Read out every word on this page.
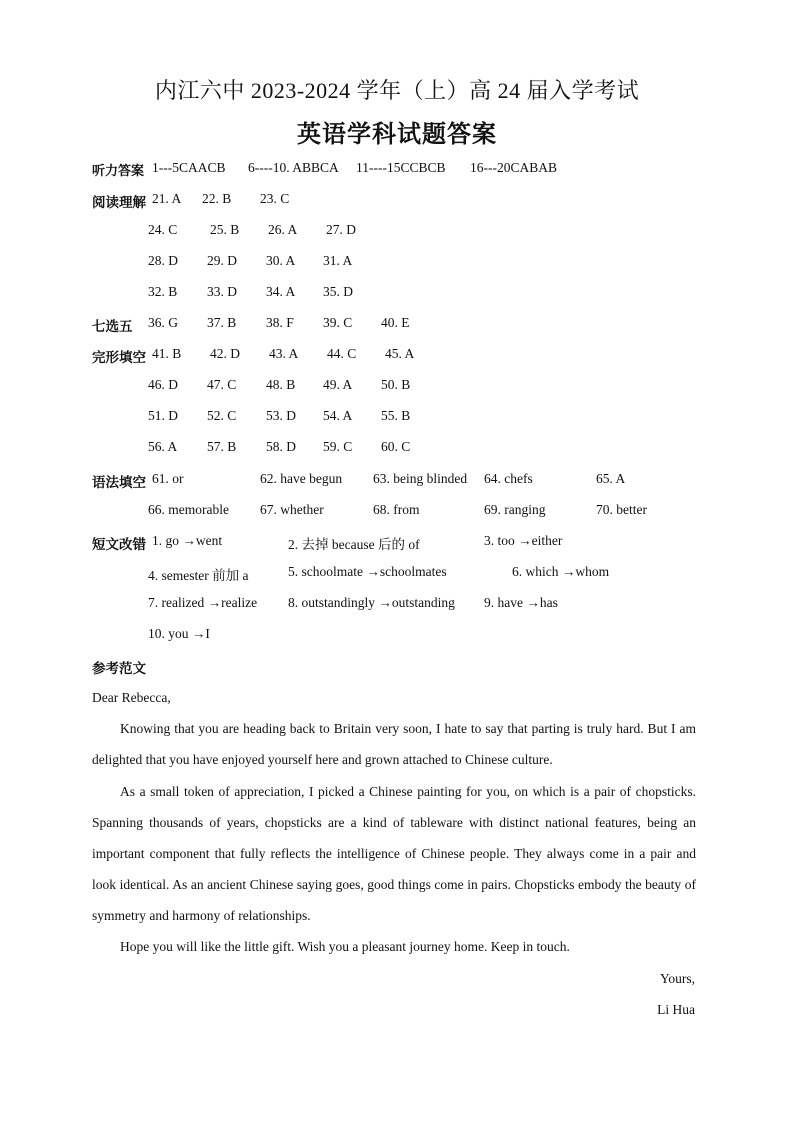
内江六中 2023-2024 学年（上）高 24 届入学考试
英语学科试题答案
听力答案 1---5CAACB 6----10. ABBCA 11----15CCBCB 16---20CABAB
阅读理解 21. A 22. B 23. C
24. C 25. B 26. A 27. D
28. D 29. D 30. A 31. A
32. B 33. D 34. A 35. D
七选五 36. G 37. B 38. F 39. C 40. E
完形填空 41. B 42. D 43. A 44. C 45. A
46. D 47. C 48. B 49. A 50. B
51. D 52. C 53. D 54. A 55. B
56. A 57. B 58. D 59. C 60. C
语法填空 61. or	62. have begun 63. being blinded 64. chefs	65. A
66. memorable 67. whether	68. from	69. ranging	70. better
短文改错 1. go →went	2. 去掉 because 后的 of	3. too →either
4. semester 前加 a	5. schoolmate →schoolmates	6. which →whom
7. realized →realize 8. outstandingly →outstanding 9. have →has
10. you →I
参考范文
Dear Rebecca,
Knowing that you are heading back to Britain very soon, I hate to say that parting is truly hard. But I am delighted that you have enjoyed yourself here and grown attached to Chinese culture.
As a small token of appreciation, I picked a Chinese painting for you, on which is a pair of chopsticks. Spanning thousands of years, chopsticks are a kind of tableware with distinct national features, being an important component that fully reflects the intelligence of Chinese people. They always come in a pair and look identical. As an ancient Chinese saying goes, good things come in pairs. Chopsticks embody the beauty of symmetry and harmony of relationships.
Hope you will like the little gift. Wish you a pleasant journey home. Keep in touch.
Yours,
Li Hua
